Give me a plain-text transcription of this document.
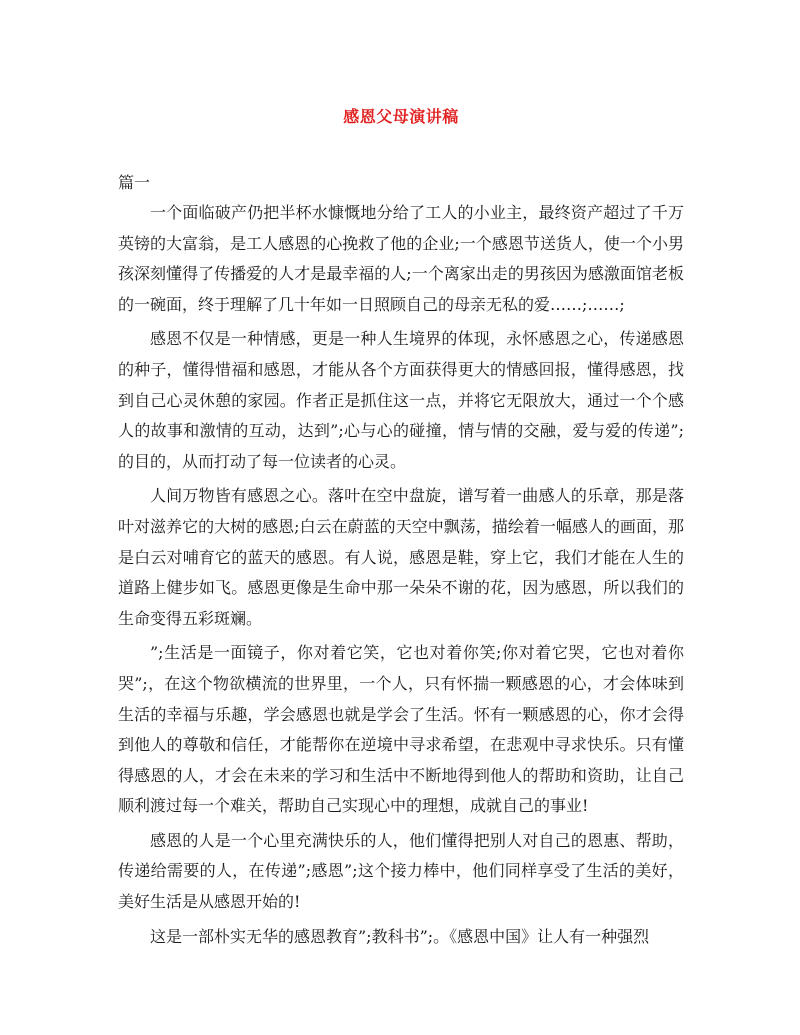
感恩父母演讲稿

篇一

一个面临破产仍把半杯水慷慨地分给了工人的小业主，最终资产超过了千万英镑的大富翁，是工人感恩的心挽救了他的企业;一个感恩节送货人，使一个小男孩深刻懂得了传播爱的人才是最幸福的人;一个离家出走的男孩因为感激面馆老板的一碗面，终于理解了几十年如一日照顾自己的母亲无私的爱……;……;

感恩不仅是一种情感，更是一种人生境界的体现，永怀感恩之心，传递感恩的种子，懂得惜福和感恩，才能从各个方面获得更大的情感回报，懂得感恩，找到自己心灵休憩的家园。作者正是抓住这一点，并将它无限放大，通过一个个感人的故事和激情的互动，达到”;心与心的碰撞，情与情的交融，爱与爱的传递”;的目的，从而打动了每一位读者的心灵。

人间万物皆有感恩之心。落叶在空中盘旋，谱写着一曲感人的乐章，那是落叶对滋养它的大树的感恩;白云在蔚蓝的天空中飘荡，描绘着一幅感人的画面，那是白云对哺育它的蓝天的感恩。有人说，感恩是鞋，穿上它，我们才能在人生的道路上健步如飞。感恩更像是生命中那一朵朵不谢的花，因为感恩，所以我们的生命变得五彩斑斓。

”;生活是一面镜子，你对着它笑，它也对着你笑;你对着它哭，它也对着你哭”;，在这个物欲横流的世界里，一个人，只有怀揣一颗感恩的心，才会体味到生活的幸福与乐趣，学会感恩也就是学会了生活。怀有一颗感恩的心，你才会得到他人的尊敬和信任，才能帮你在逆境中寻求希望，在悲观中寻求快乐。只有懂得感恩的人，才会在未来的学习和生活中不断地得到他人的帮助和资助，让自己顺利渡过每一个难关，帮助自己实现心中的理想，成就自己的事业!

感恩的人是一个心里充满快乐的人，他们懂得把别人对自己的恩惠、帮助，传递给需要的人，在传递”;感恩”;这个接力棒中，他们同样享受了生活的美好，美好生活是从感恩开始的!

这是一部朴实无华的感恩教育”;教科书”;。《感恩中国》让人有一种强烈
